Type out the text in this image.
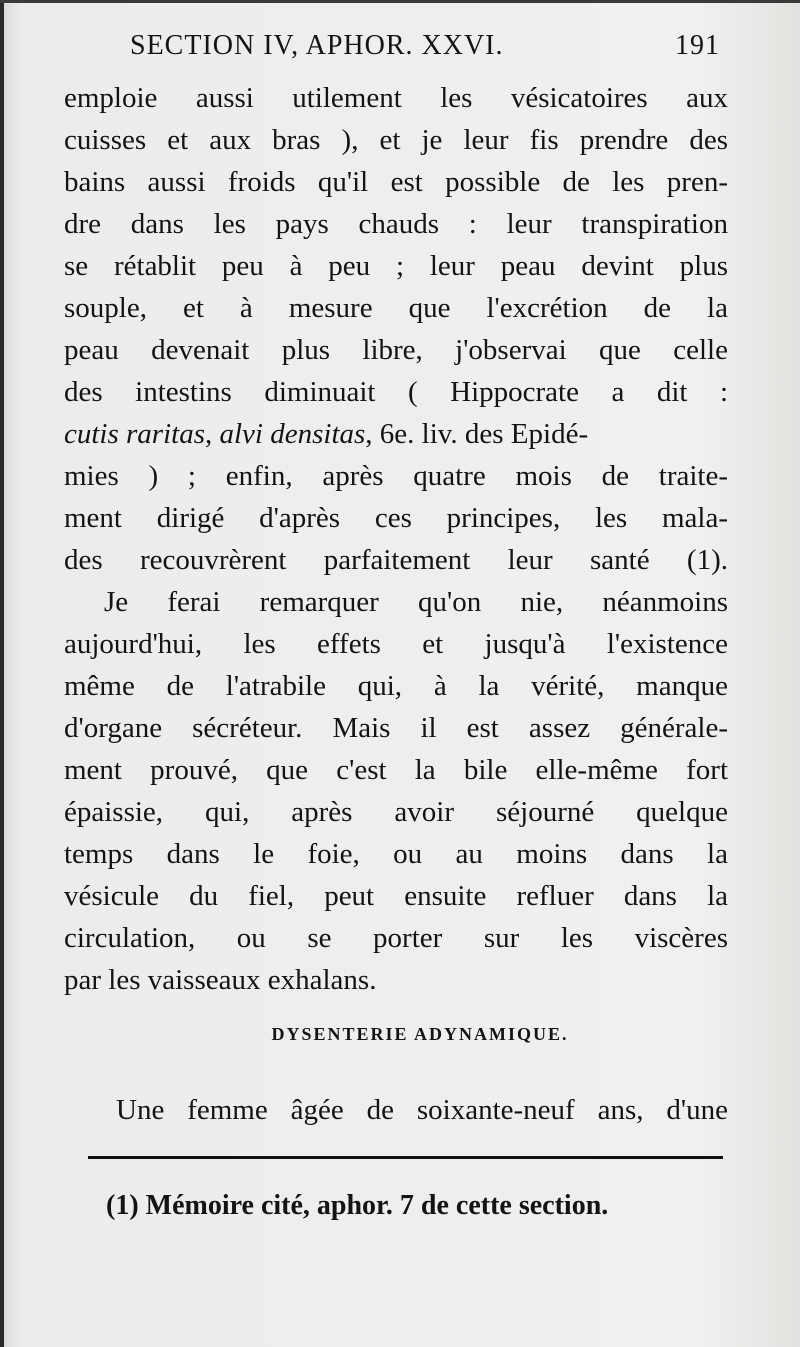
SECTION IV, APHOR. XXVI.	191
emploie aussi utilement les vésicatoires aux
cuisses et aux bras ), et je leur fis prendre des
bains aussi froids qu'il est possible de les pren-
dre dans les pays chauds : leur transpiration
se rétablit peu à peu ; leur peau devint plus
souple, et à mesure que l'excrétion de la
peau devenait plus libre, j'observai que celle
des intestins diminuait ( Hippocrate a dit :
cutis raritas, alvi densitas, 6e. liv. des Epidé-
mies ) ; enfin, après quatre mois de traite-
ment dirigé d'après ces principes, les mala-
des recouvrèrent parfaitement leur santé (1).
Je ferai remarquer qu'on nie, néanmoins
aujourd'hui, les effets et jusqu'à l'existence
même de l'atrabile qui, à la vérité, manque
d'organe sécréteur. Mais il est assez générale-
ment prouvé, que c'est la bile elle-même fort
épaissie, qui, après avoir séjourné quelque
temps dans le foie, ou au moins dans la
vésicule du fiel, peut ensuite refluer dans la
circulation, ou se porter sur les viscères
par les vaisseaux exhalans.
DYSENTERIE ADYNAMIQUE.
Une femme âgée de soixante-neuf ans, d'une
(1) Mémoire cité, aphor. 7 de cette section.
